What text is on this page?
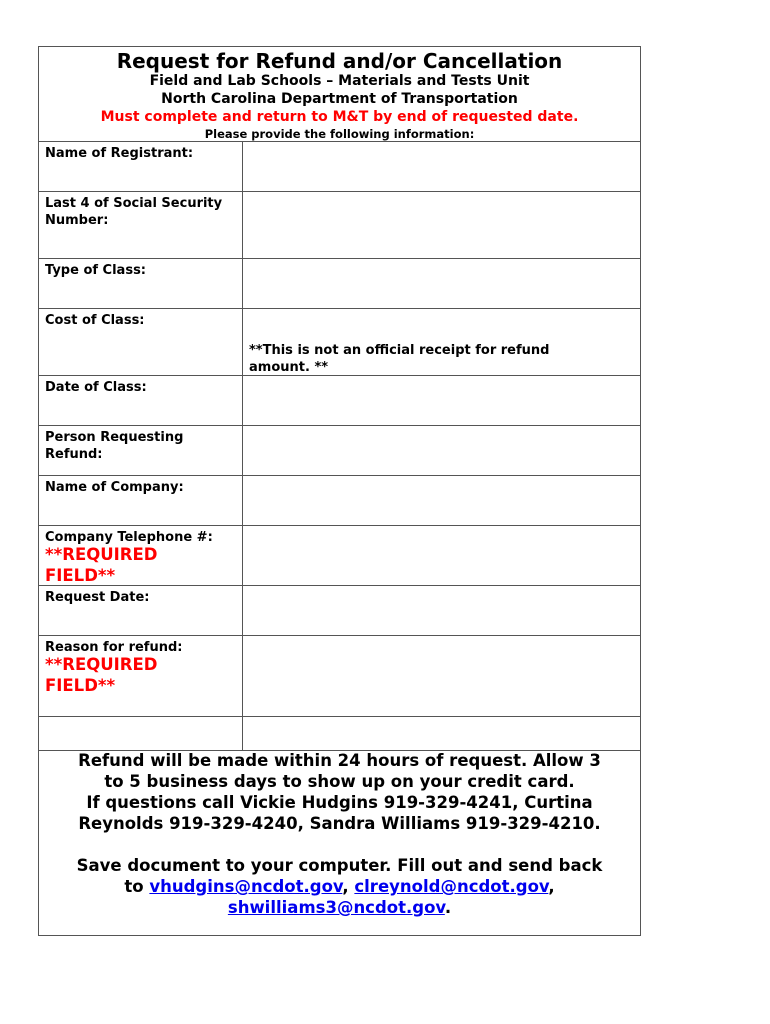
Request for Refund and/or Cancellation
Field and Lab Schools – Materials and Tests Unit
North Carolina Department of Transportation
Must complete and return to M&T by end of requested date.
Please provide the following information:
Name of Registrant:
Last 4 of Social Security
Number:
Type of Class:
Cost of Class:
**This is not an official receipt for refund
amount. **
Date of Class:
Person Requesting
Refund:
Name of Company:
Company Telephone #:
**REQUIRED
FIELD**
Request Date:
Reason for refund:
**REQUIRED
FIELD**

Refund will be made within 24 hours of request. Allow 3

to 5 business days to show up on your credit card.

If questions call Vickie Hudgins 919-329-4241, Curtina

Reynolds 919-329-4240, Sandra Williams 919-329-4210.

Save document to your computer. Fill out and send back

to vhudgins@ncdot.gov, clreynold@ncdot.gov,

shwilliams3@ncdot.gov.
